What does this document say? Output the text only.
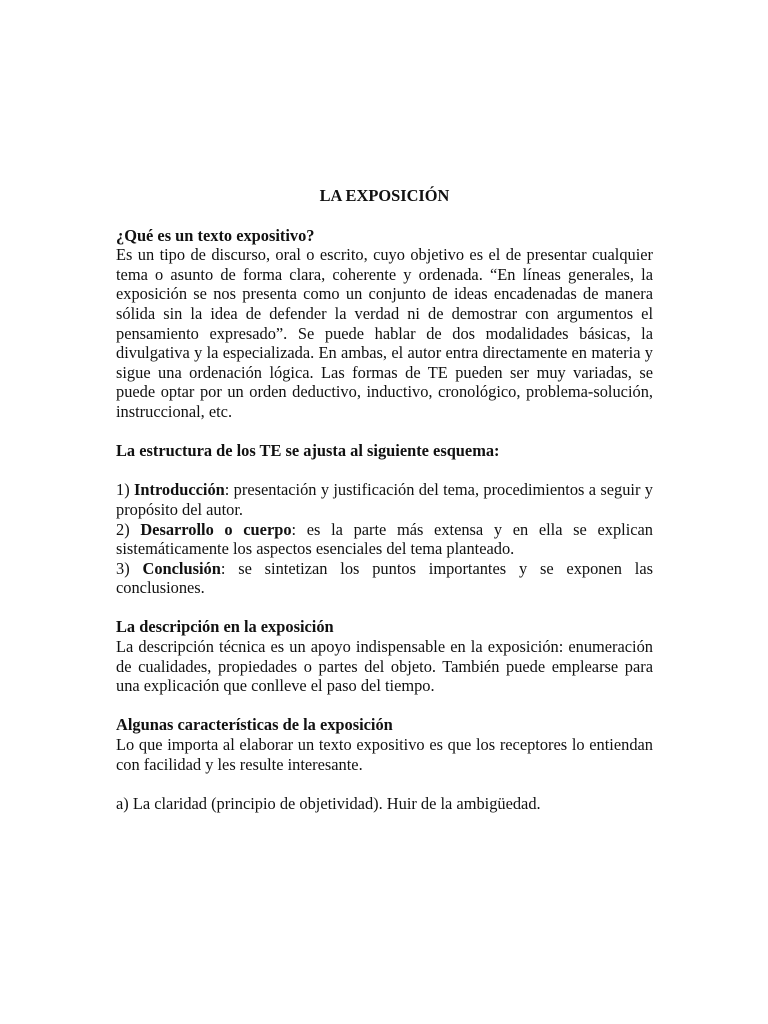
LA EXPOSICIÓN
¿Qué es un texto expositivo?

Es un tipo de discurso, oral o escrito, cuyo objetivo es el de presentar cualquier tema o asunto de forma clara, coherente y ordenada. “En líneas generales, la exposición se nos presenta como un conjunto de ideas encadenadas de manera sólida sin la idea de defender la verdad ni de demostrar con argumentos el pensamiento expresado”. Se puede hablar de dos modalidades básicas, la divulgativa y la especializada. En ambas, el autor entra directamente en materia y sigue una ordenación lógica. Las formas de TE pueden ser muy variadas, se puede optar por un orden deductivo, inductivo, cronológico, problema-solución, instruccional, etc.

La estructura de los TE se ajusta al siguiente esquema:
1) Introducción: presentación y justificación del tema, procedimientos a seguir y propósito del autor.
2) Desarrollo o cuerpo: es la parte más extensa y en ella se explican sistemáticamente los aspectos esenciales del tema planteado.
3) Conclusión: se sintetizan los puntos importantes y se exponen las conclusiones.
La descripción en la exposición

La descripción técnica es un apoyo indispensable en la exposición: enumeración de cualidades, propiedades o partes del objeto. También puede emplearse para una explicación que conlleve el paso del tiempo.

Algunas características de la exposición

Lo que importa al elaborar un texto expositivo es que los receptores lo entiendan con facilidad y les resulte interesante.

a) La claridad (principio de objetividad). Huir de la ambigüedad.
